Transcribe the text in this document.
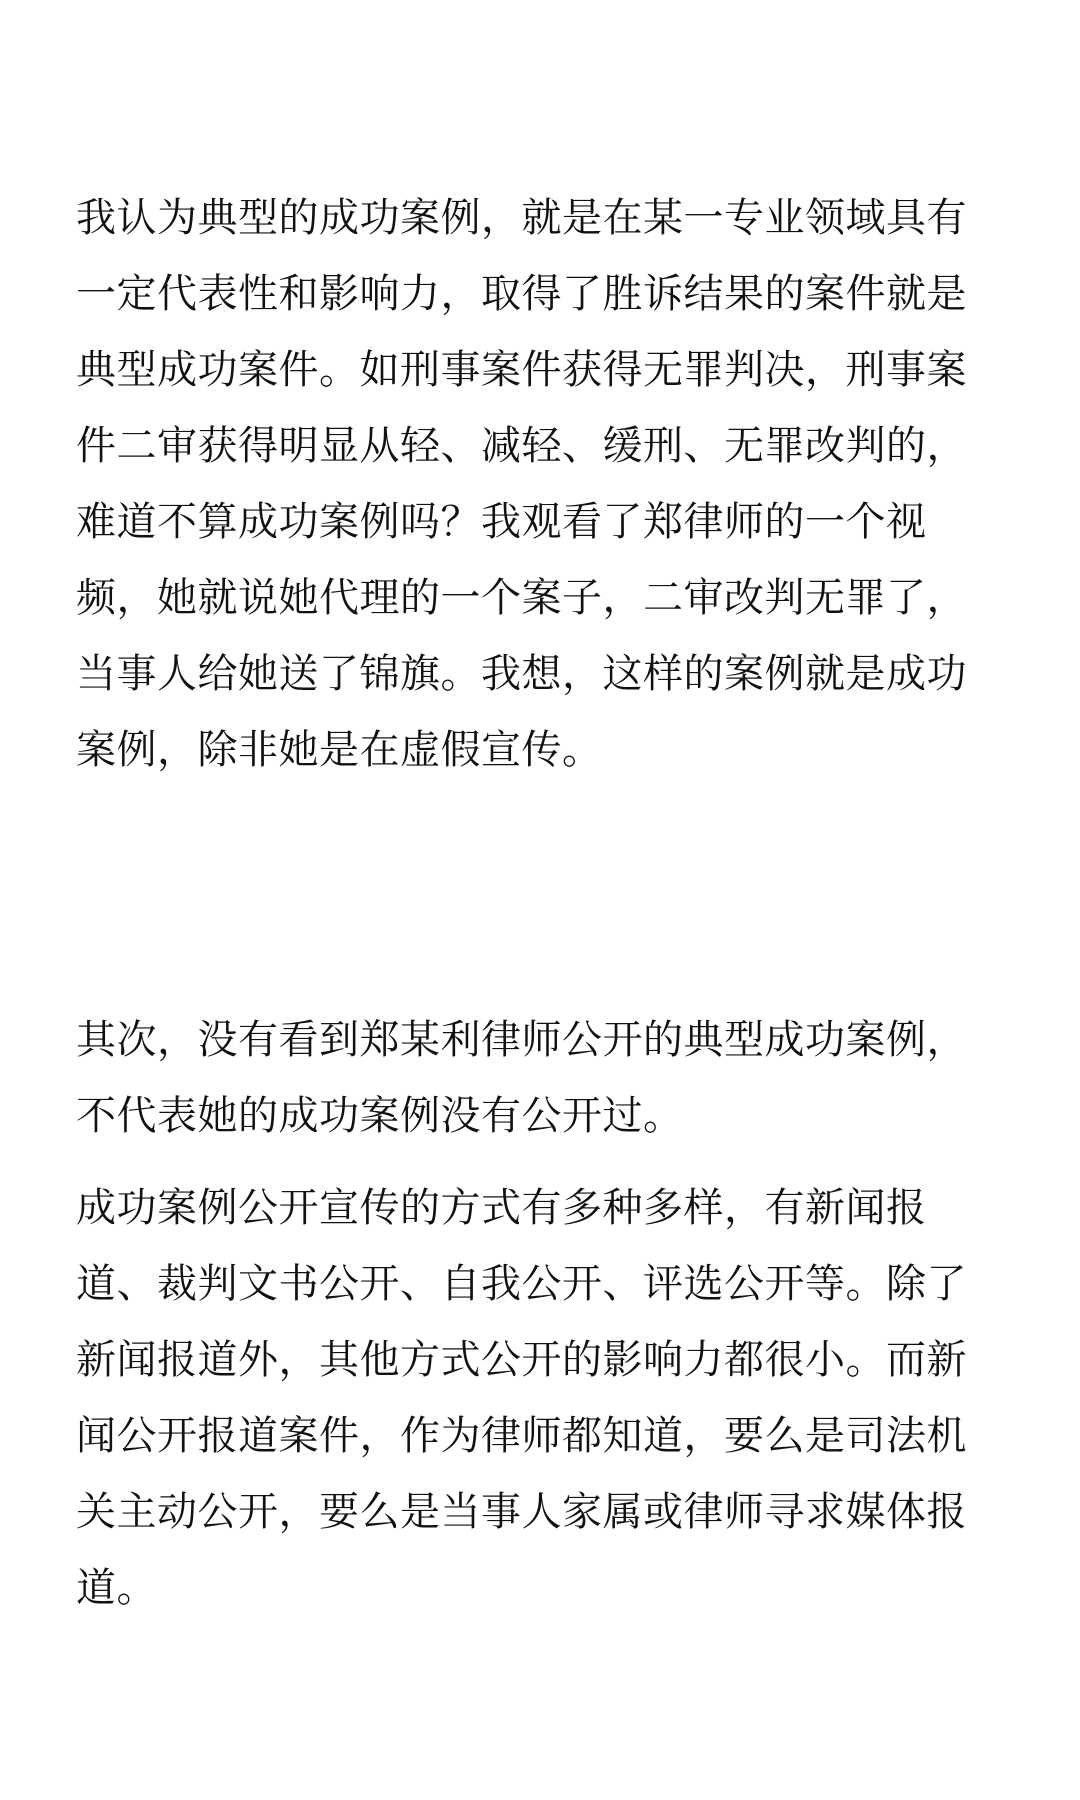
我认为典型的成功案例，就是在某一专业领域具有一定代表性和影响力，取得了胜诉结果的案件就是典型成功案件。如刑事案件获得无罪判决，刑事案件二审获得明显从轻、减轻、缓刑、无罪改判的，难道不算成功案例吗？我观看了郑律师的一个视频，她就说她代理的一个案子，二审改判无罪了，当事人给她送了锦旗。我想，这样的案例就是成功案例，除非她是在虚假宣传。

其次，没有看到郑某利律师公开的典型成功案例，不代表她的成功案例没有公开过。

成功案例公开宣传的方式有多种多样，有新闻报道、裁判文书公开、自我公开、评选公开等。除了新闻报道外，其他方式公开的影响力都很小。而新闻公开报道案件，作为律师都知道，要么是司法机关主动公开，要么是当事人家属或律师寻求媒体报道。
